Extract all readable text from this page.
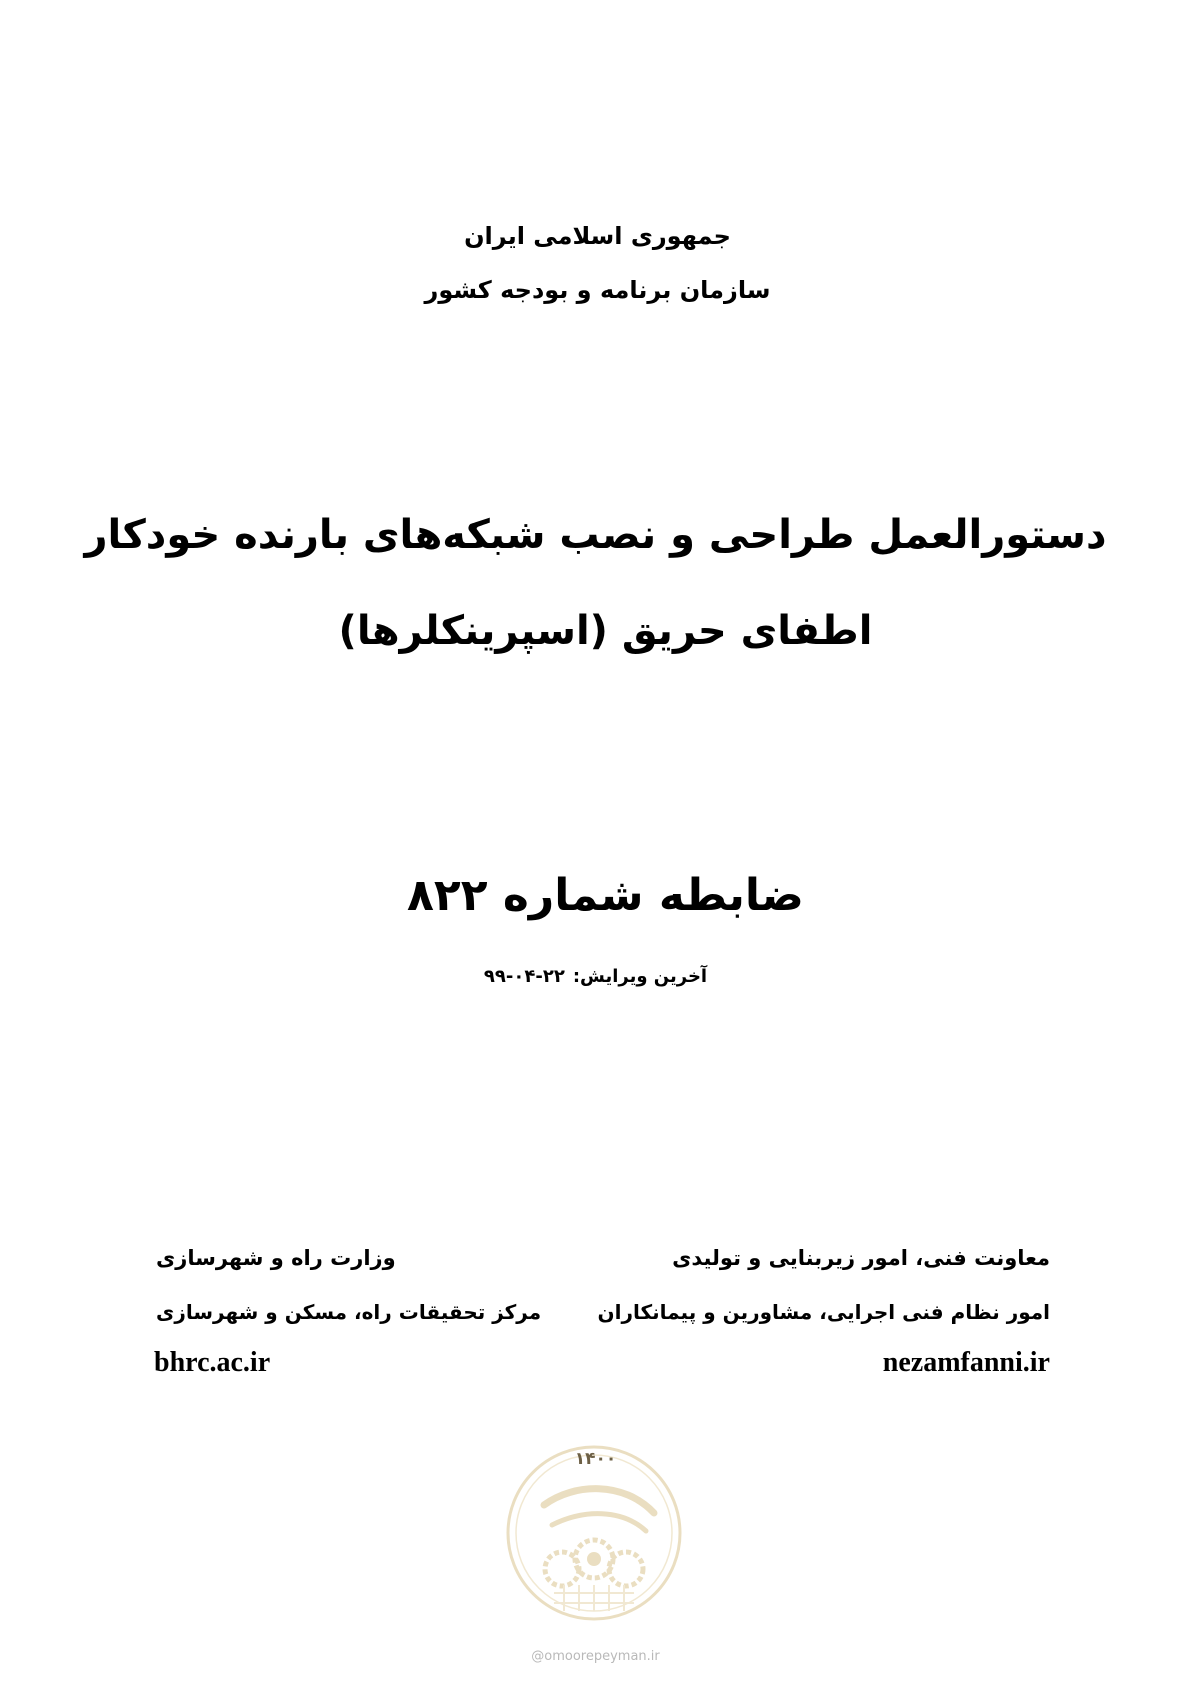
جمهوری اسلامی ایران
سازمان برنامه و بودجه کشور
دستورالعمل طراحی و نصب شبکه‌های بارنده خودکار
اطفای حریق (اسپرینکلرها)
ضابطه شماره ۸۲۲
آخرین ویرایش:۲۲-۰۴-۹۹
معاونت فنی، امور زیربنایی و تولیدی
امور نظام فنی اجرایی، مشاورین و پیمانکاران
nezamfanni.ir
وزارت راه و شهرسازی
مرکز تحقیقات راه، مسکن و شهرسازی
bhrc.ac.ir
۱۴۰۰
@omoorepeyman.ir
